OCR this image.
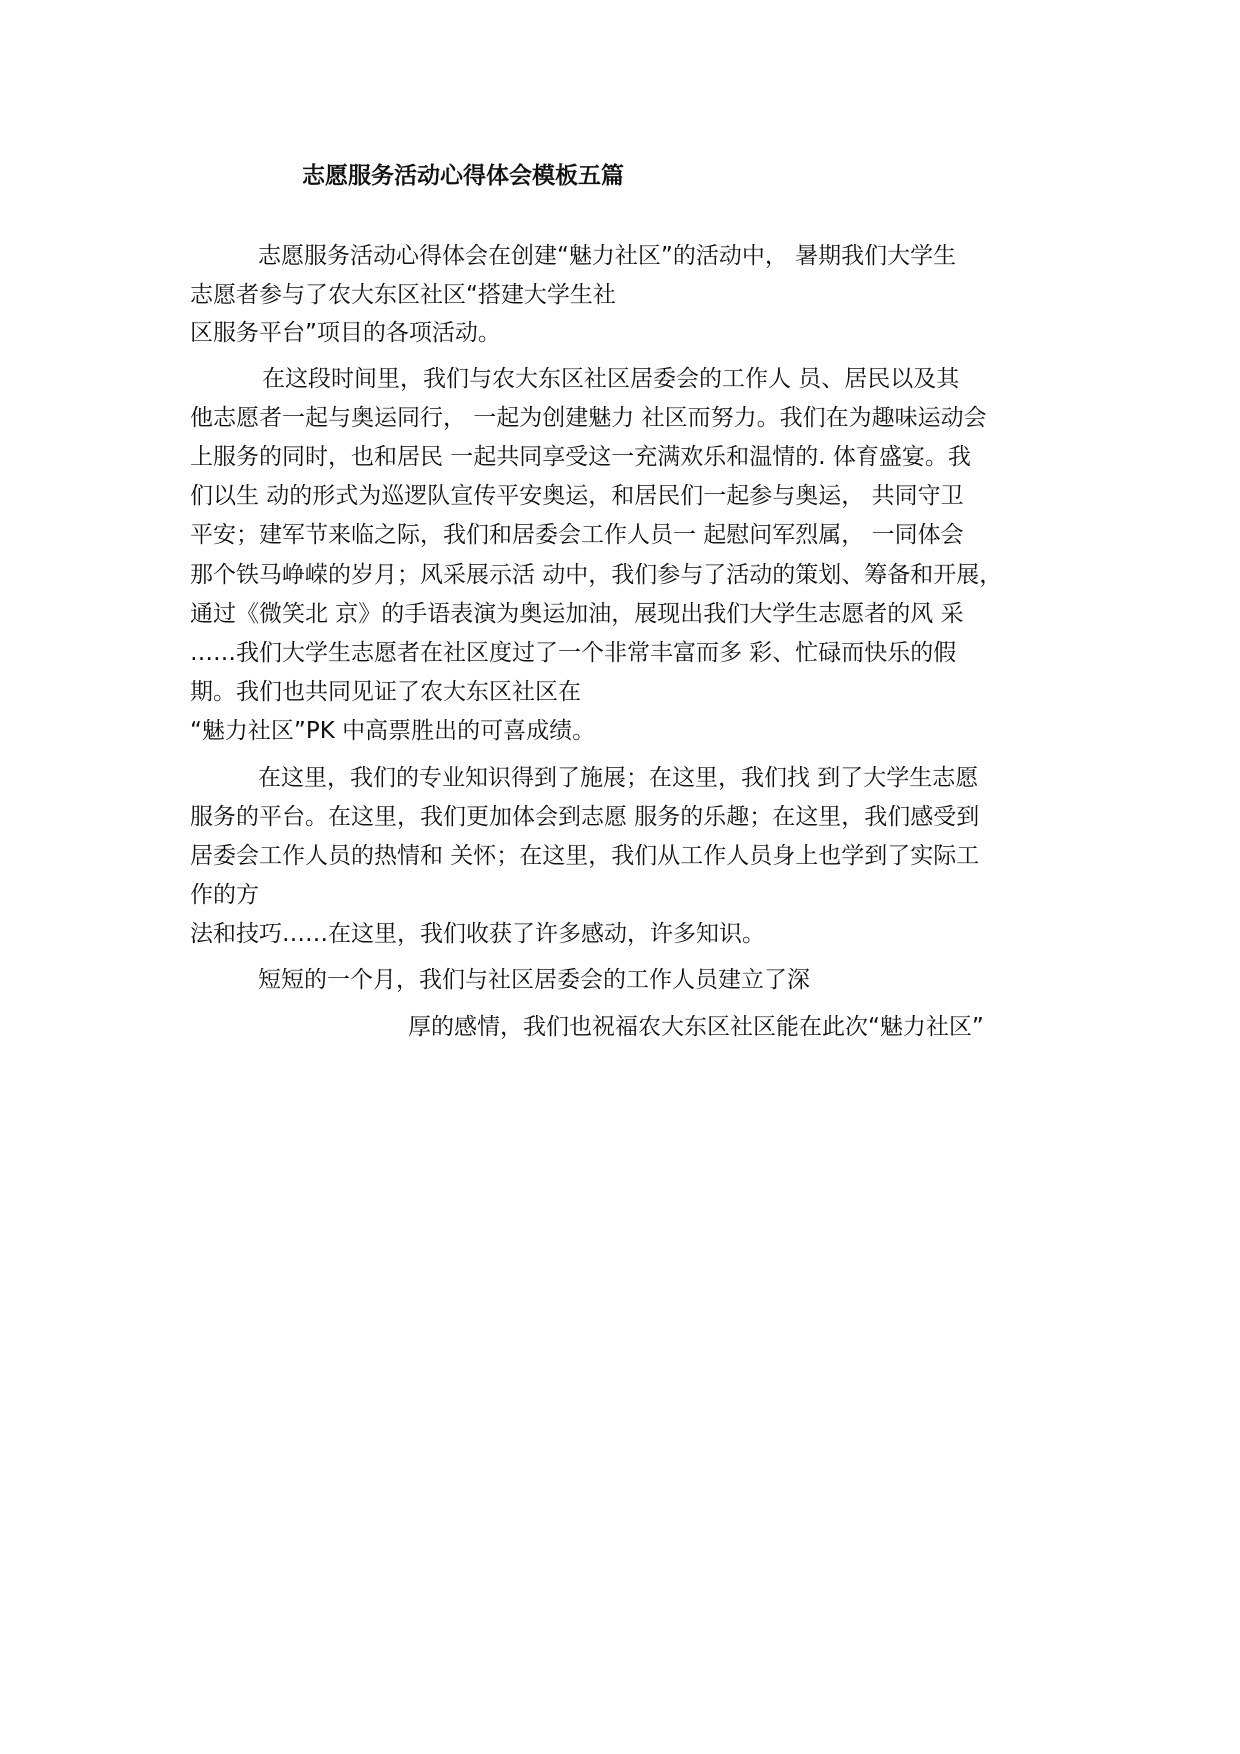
志愿服务活动心得体会模板五篇
志愿服务活动心得体会在创建“魅力社区”的活动中， 暑期我们大学生
志愿者参与了农大东区社区“搭建大学生社
区服务平台”项目的各项活动。
在这段时间里，我们与农大东区社区居委会的工作人 员、居民以及其
他志愿者一起与奥运同行， 一起为创建魅力 社区而努力。我们在为趣味运动会
上服务的同时，也和居民 一起共同享受这一充满欢乐和温情的. 体育盛宴。我
们以生 动的形式为巡逻队宣传平安奥运，和居民们一起参与奥运， 共同守卫
平安；建军节来临之际，我们和居委会工作人员一 起慰问军烈属， 一同体会
那个铁马峥嵘的岁月；风采展示活 动中，我们参与了活动的策划、筹备和开展，
通过《微笑北 京》的手语表演为奥运加油，展现出我们大学生志愿者的风 采
……我们大学生志愿者在社区度过了一个非常丰富而多 彩、忙碌而快乐的假
期。我们也共同见证了农大东区社区在
“魅力社区”PK 中高票胜出的可喜成绩。
在这里，我们的专业知识得到了施展；在这里，我们找 到了大学生志愿
服务的平台。在这里，我们更加体会到志愿 服务的乐趣；在这里，我们感受到
居委会工作人员的热情和 关怀；在这里，我们从工作人员身上也学到了实际工
作的方
法和技巧……在这里，我们收获了许多感动，许多知识。
短短的一个月，我们与社区居委会的工作人员建立了深
厚的感情，我们也祝福农大东区社区能在此次“魅力社区”
